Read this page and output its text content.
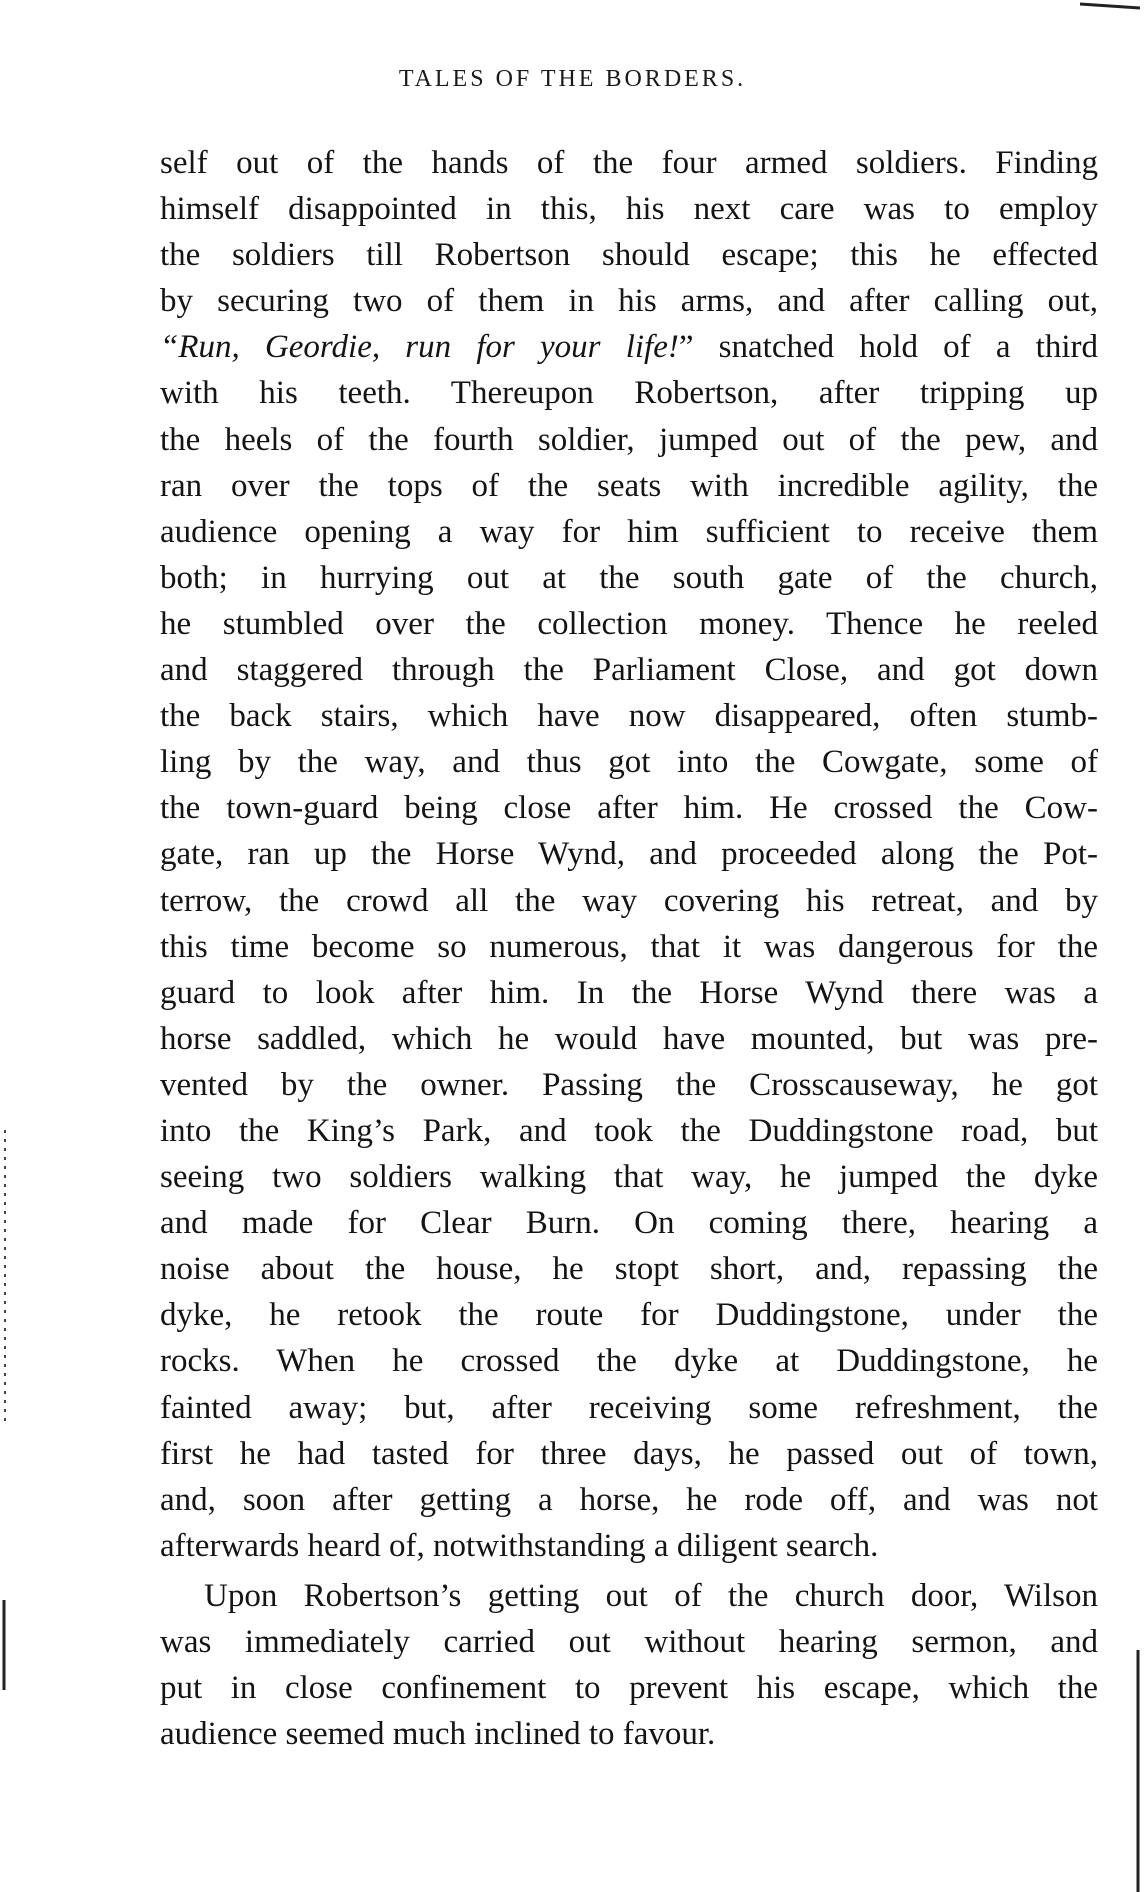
TALES OF THE BORDERS.
self out of the hands of the four armed soldiers. Finding
himself disappointed in this, his next care was to employ
the soldiers till Robertson should escape; this he effected
by securing two of them in his arms, and after calling out,
“Run, Geordie, run for your life!” snatched hold of a third
with his teeth. Thereupon Robertson, after tripping up
the heels of the fourth soldier, jumped out of the pew, and
ran over the tops of the seats with incredible agility, the
audience opening a way for him sufficient to receive them
both; in hurrying out at the south gate of the church,
he stumbled over the collection money. Thence he reeled
and staggered through the Parliament Close, and got down
the back stairs, which have now disappeared, often stumb-
ling by the way, and thus got into the Cowgate, some of
the town-guard being close after him. He crossed the Cow-
gate, ran up the Horse Wynd, and proceeded along the Pot-
terrow, the crowd all the way covering his retreat, and by
this time become so numerous, that it was dangerous for the
guard to look after him. In the Horse Wynd there was a
horse saddled, which he would have mounted, but was pre-
vented by the owner. Passing the Crosscauseway, he got
into the King’s Park, and took the Duddingstone road, but
seeing two soldiers walking that way, he jumped the dyke
and made for Clear Burn. On coming there, hearing a
noise about the house, he stopt short, and, repassing the
dyke, he retook the route for Duddingstone, under the
rocks. When he crossed the dyke at Duddingstone, he
fainted away; but, after receiving some refreshment, the
first he had tasted for three days, he passed out of town,
and, soon after getting a horse, he rode off, and was not
afterwards heard of, notwithstanding a diligent search.
Upon Robertson’s getting out of the church door, Wilson
was immediately carried out without hearing sermon, and
put in close confinement to prevent his escape, which the
audience seemed much inclined to favour.
